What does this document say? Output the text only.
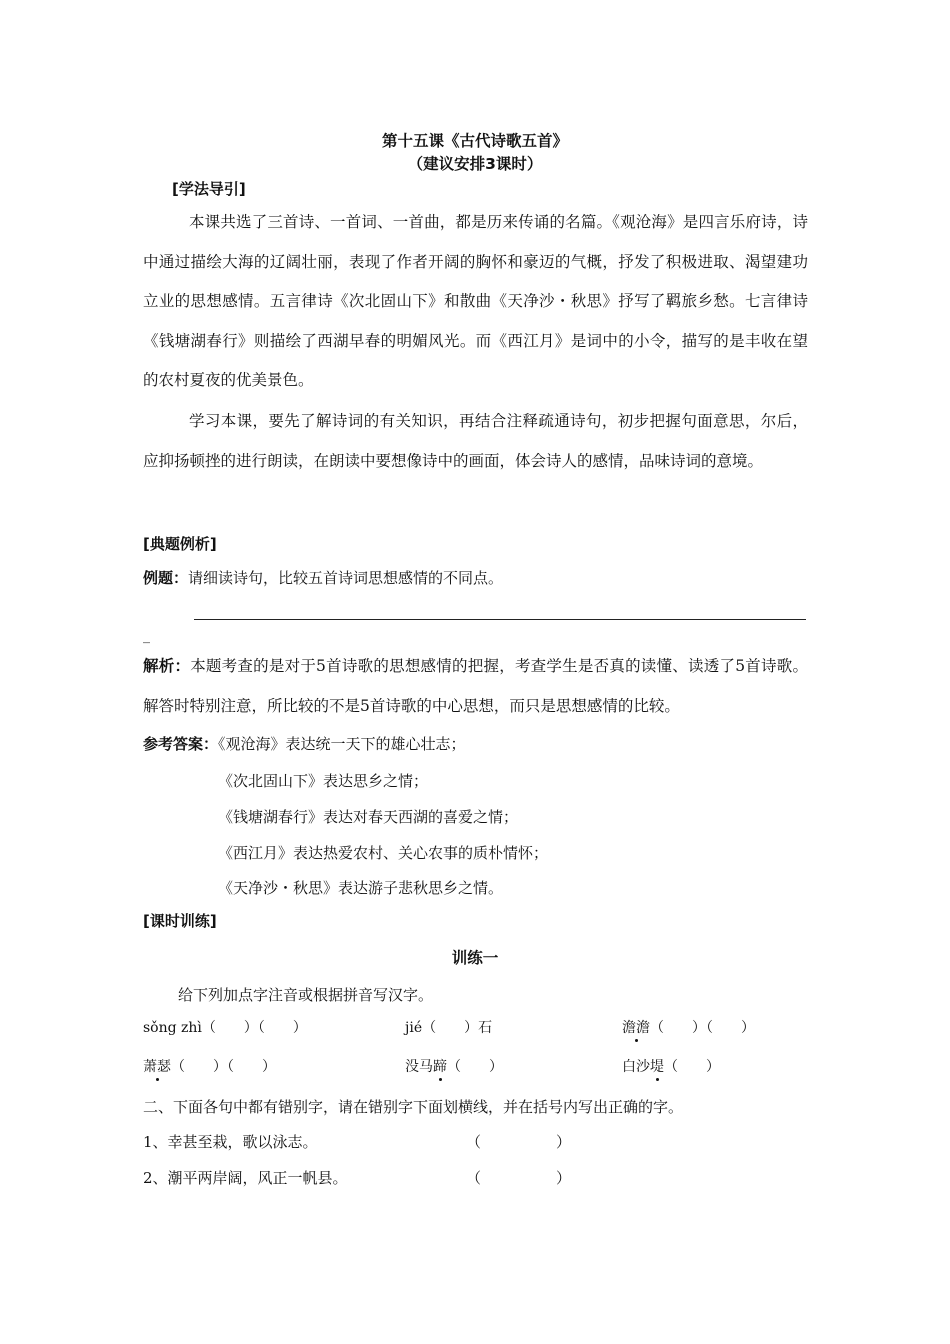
第十五课《古代诗歌五首》
（建议安排3课时）
[学法导引]
本课共选了三首诗、一首词、一首曲，都是历来传诵的名篇。《观沧海》是四言乐府诗，诗中通过描绘大海的辽阔壮丽，表现了作者开阔的胸怀和豪迈的气概，抒发了积极进取、渴望建功立业的思想感情。五言律诗《次北固山下》和散曲《天净沙・秋思》抒写了羁旅乡愁。七言律诗《钱塘湖春行》则描绘了西湖早春的明媚风光。而《西江月》是词中的小令，描写的是丰收在望的农村夏夜的优美景色。
学习本课，要先了解诗词的有关知识，再结合注释疏通诗句，初步把握句面意思，尔后，应抑扬顿挫的进行朗读，在朗读中要想像诗中的画面，体会诗人的感情，品味诗词的意境。
[典题例析]
例题：请细读诗句，比较五首诗词思想感情的不同点。
_
解析：本题考查的是对于5首诗歌的思想感情的把握，考查学生是否真的读懂、读透了5首诗歌。解答时特别注意，所比较的不是5首诗歌的中心思想，而只是思想感情的比较。
参考答案：《观沧海》表达统一天下的雄心壮志；
《次北固山下》表达思乡之情；
《钱塘湖春行》表达对春天西湖的喜爱之情；
《西江月》表达热爱农村、关心农事的质朴情怀；
《天净沙・秋思》表达游子悲秋思乡之情。
[课时训练]
训练一
给下列加点字注音或根据拼音写汉字。
sǒng zhì（　　）（　　）	jié（　　）石	澹澹（　　）（　　）
萧瑟（　　）（　　）	没马蹄（　　）	白沙堤（　　）
二、下面各句中都有错别字，请在错别字下面划横线，并在括号内写出正确的字。
1、幸甚至栽，歌以泳志。	（　　　　　）
2、潮平两岸阔，风正一帆县。	（　　　　　）
